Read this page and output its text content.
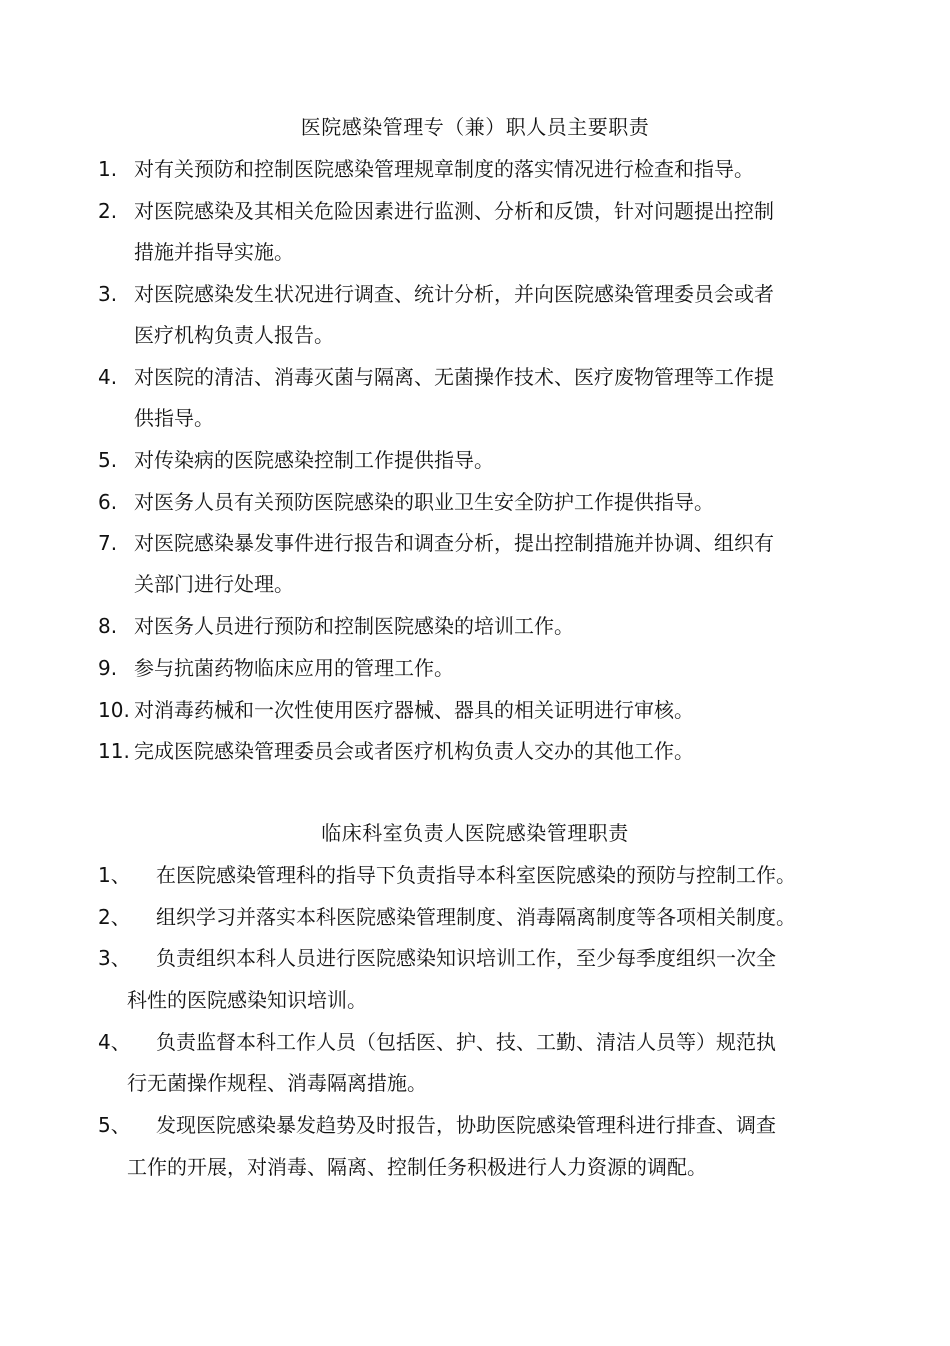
医院感染管理专（兼）职人员主要职责
1. 对有关预防和控制医院感染管理规章制度的落实情况进行检查和指导。
2. 对医院感染及其相关危险因素进行监测、分析和反馈，针对问题提出控制
措施并指导实施。
3. 对医院感染发生状况进行调查、统计分析，并向医院感染管理委员会或者
医疗机构负责人报告。
4. 对医院的清洁、消毒灭菌与隔离、无菌操作技术、医疗废物管理等工作提
供指导。
5. 对传染病的医院感染控制工作提供指导。
6. 对医务人员有关预防医院感染的职业卫生安全防护工作提供指导。
7. 对医院感染暴发事件进行报告和调查分析，提出控制措施并协调、组织有
关部门进行处理。
8. 对医务人员进行预防和控制医院感染的培训工作。
9. 参与抗菌药物临床应用的管理工作。
10. 对消毒药械和一次性使用医疗器械、器具的相关证明进行审核。
11. 完成医院感染管理委员会或者医疗机构负责人交办的其他工作。
临床科室负责人医院感染管理职责
1、 在医院感染管理科的指导下负责指导本科室医院感染的预防与控制工作。
2、 组织学习并落实本科医院感染管理制度、消毒隔离制度等各项相关制度。
3、 负责组织本科人员进行医院感染知识培训工作，至少每季度组织一次全
科性的医院感染知识培训。
4、 负责监督本科工作人员（包括医、护、技、工勤、清洁人员等）规范执
行无菌操作规程、消毒隔离措施。
5、 发现医院感染暴发趋势及时报告，协助医院感染管理科进行排查、调查
工作的开展，对消毒、隔离、控制任务积极进行人力资源的调配。
